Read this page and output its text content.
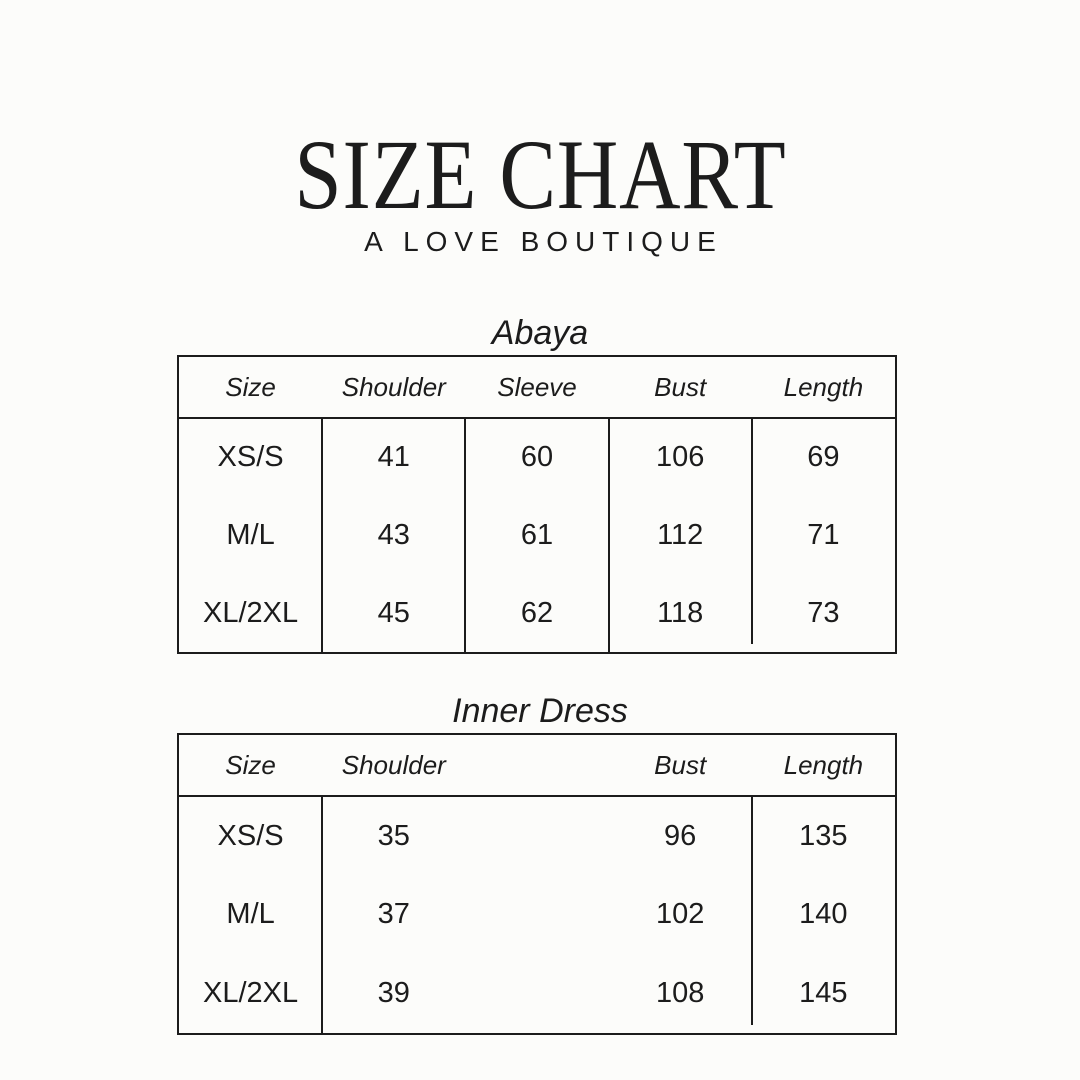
SIZE CHART
A LOVE BOUTIQUE
Abaya
Size	Shoulder	Sleeve	Bust	Length
XS/S	41	60	106	69
M/L	43	61	112	71
XL/2XL	45	62	118	73
Inner Dress
Size	Shoulder	Bust	Length
XS/S	35	96	135
M/L	37	102	140
XL/2XL	39	108	145
